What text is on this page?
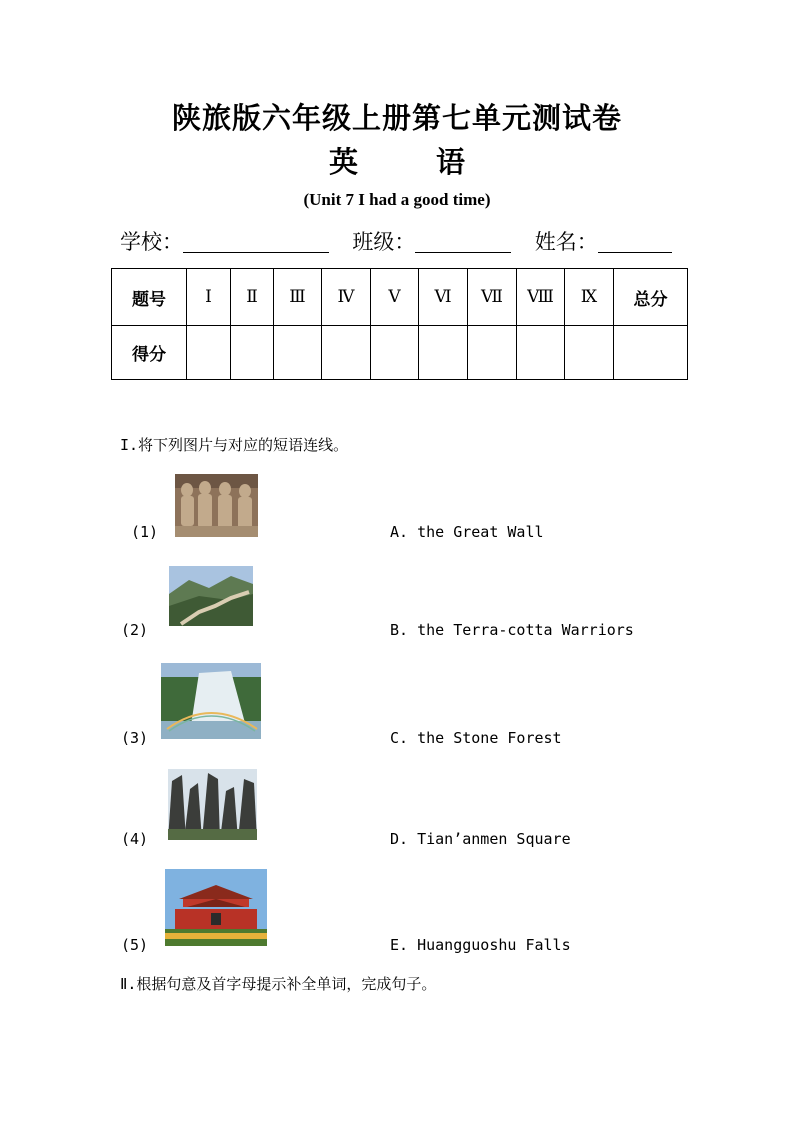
陕旅版六年级上册第七单元测试卷
英 语
(Unit 7 I had a good time)
学校：	班级：	姓名：
题号	Ⅰ	Ⅱ	Ⅲ	Ⅳ	Ⅴ	Ⅵ	Ⅶ	Ⅷ	Ⅸ	总分
得分										
I.将下列图片与对应的短语连线。
(1)	A. the Great Wall
(2)	B. the Terra-cotta Warriors
(3)	C. the Stone Forest
(4)	D. Tian’anmen Square
(5)	E. Huangguoshu Falls
Ⅱ.根据句意及首字母提示补全单词，完成句子。
